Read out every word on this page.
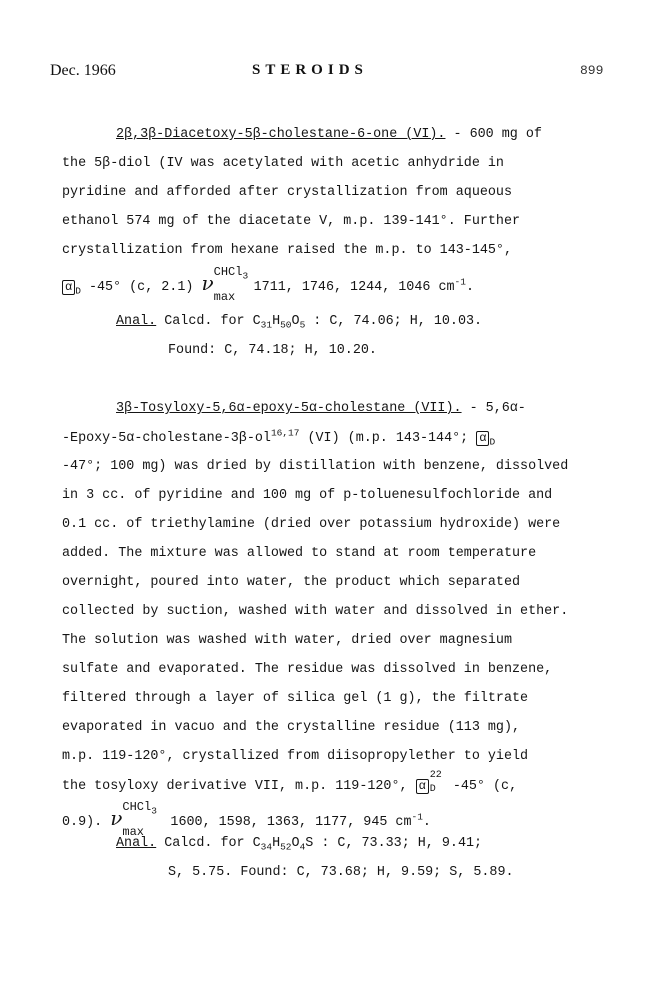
Dec. 1966	STEROIDS	899
2β,3β-Diacetoxy-5β-cholestane-6-one (VI). - 600 mg of
the 5β-diol (IV was acetylated with acetic anhydride in
pyridine and afforded after crystallization from aqueous
ethanol 574 mg of the diacetate V, m.p. 139-141°. Further
crystallization from hexane raised the m.p. to 143-145°,
α $_D$ -45° (c, 2.1) ν CHCl$_3$
max
1711, 1746, 1244, 1046 $cm^{-1}$.
Anal. Calcd. for $C_{31}H_{50}O_5$ : C, 74.06; H, 10.03.
Found: C, 74.18; H, 10.20.
3β-Tosyloxy-5,6α-epoxy-5α-cholestane (VII). - 5,6α-
-Epoxy-5α-cholestane-3β-ol$^{16,17}$ (VI) (m.p. 143-144°; α $_D$
-47°; 100 mg) was dried by distillation with benzene, dissolved
in 3 cc. of pyridine and 100 mg of p-toluenesulfochloride and
0.1 cc. of triethylamine (dried over potassium hydroxide) were
added. The mixture was allowed to stand at room temperature
overnight, poured into water, the product which separated
collected by suction, washed with water and dissolved in ether.
The solution was washed with water, dried over magnesium
sulfate and evaporated. The residue was dissolved in benzene,
filtered through a layer of silica gel (1 g), the filtrate
evaporated in vacuo and the crystalline residue (113 mg),
m.p. 119-120°, crystallized from diisopropylether to yield
the tosyloxy derivative VII, m.p. 119-120°, α
22
D -45° (c,
0.9). ν CHCl$_3$
max
1600, 1598, 1363, 1177, 945 $cm^{-1}$.
Anal. Calcd. for $C_{34}H_{52}O_4S$ : C, 73.33; H, 9.41;
S, 5.75. Found: C, 73.68; H, 9.59; S, 5.89.
